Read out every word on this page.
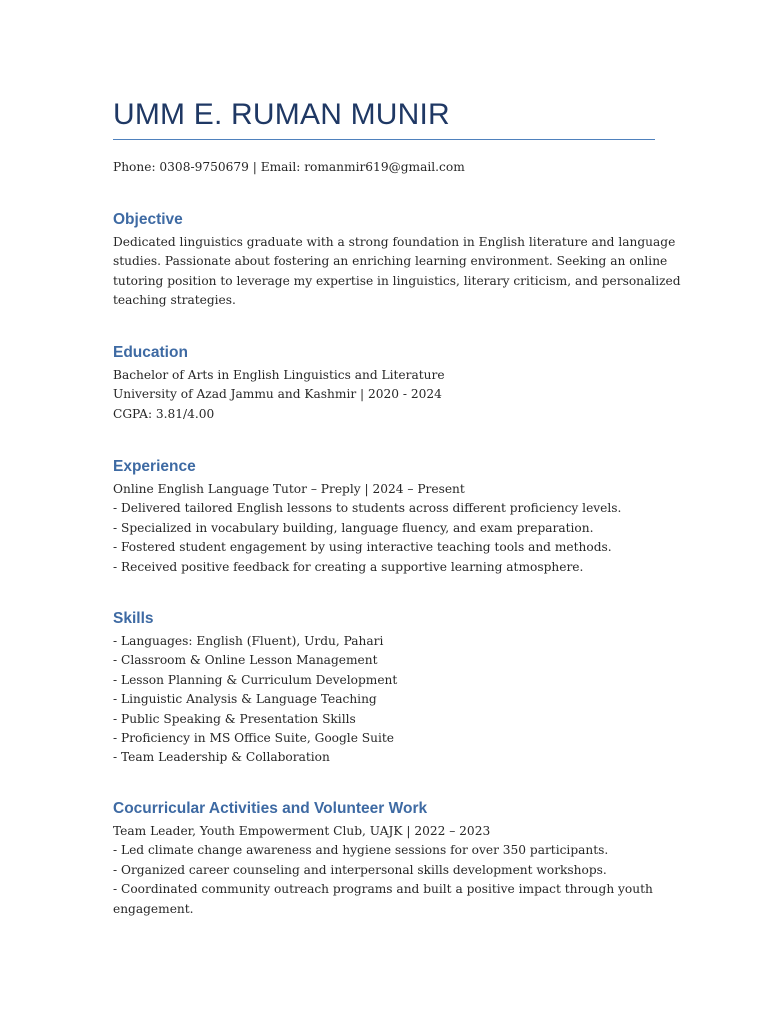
UMM E. RUMAN MUNIR

Phone: 0308-9750679 | Email: romanmir619@gmail.com

Objective

Dedicated linguistics graduate with a strong foundation in English literature and language
studies. Passionate about fostering an enriching learning environment. Seeking an online
tutoring position to leverage my expertise in linguistics, literary criticism, and personalized
teaching strategies.

Education

Bachelor of Arts in English Linguistics and Literature
University of Azad Jammu and Kashmir | 2020 - 2024
CGPA: 3.81/4.00

Experience

Online English Language Tutor – Preply | 2024 – Present
- Delivered tailored English lessons to students across different proficiency levels.
- Specialized in vocabulary building, language fluency, and exam preparation.
- Fostered student engagement by using interactive teaching tools and methods.
- Received positive feedback for creating a supportive learning atmosphere.

Skills

- Languages: English (Fluent), Urdu, Pahari
- Classroom & Online Lesson Management
- Lesson Planning & Curriculum Development
- Linguistic Analysis & Language Teaching
- Public Speaking & Presentation Skills
- Proficiency in MS Office Suite, Google Suite
- Team Leadership & Collaboration

Cocurricular Activities and Volunteer Work

Team Leader, Youth Empowerment Club, UAJK | 2022 – 2023
- Led climate change awareness and hygiene sessions for over 350 participants.
- Organized career counseling and interpersonal skills development workshops.
- Coordinated community outreach programs and built a positive impact through youth
engagement.
